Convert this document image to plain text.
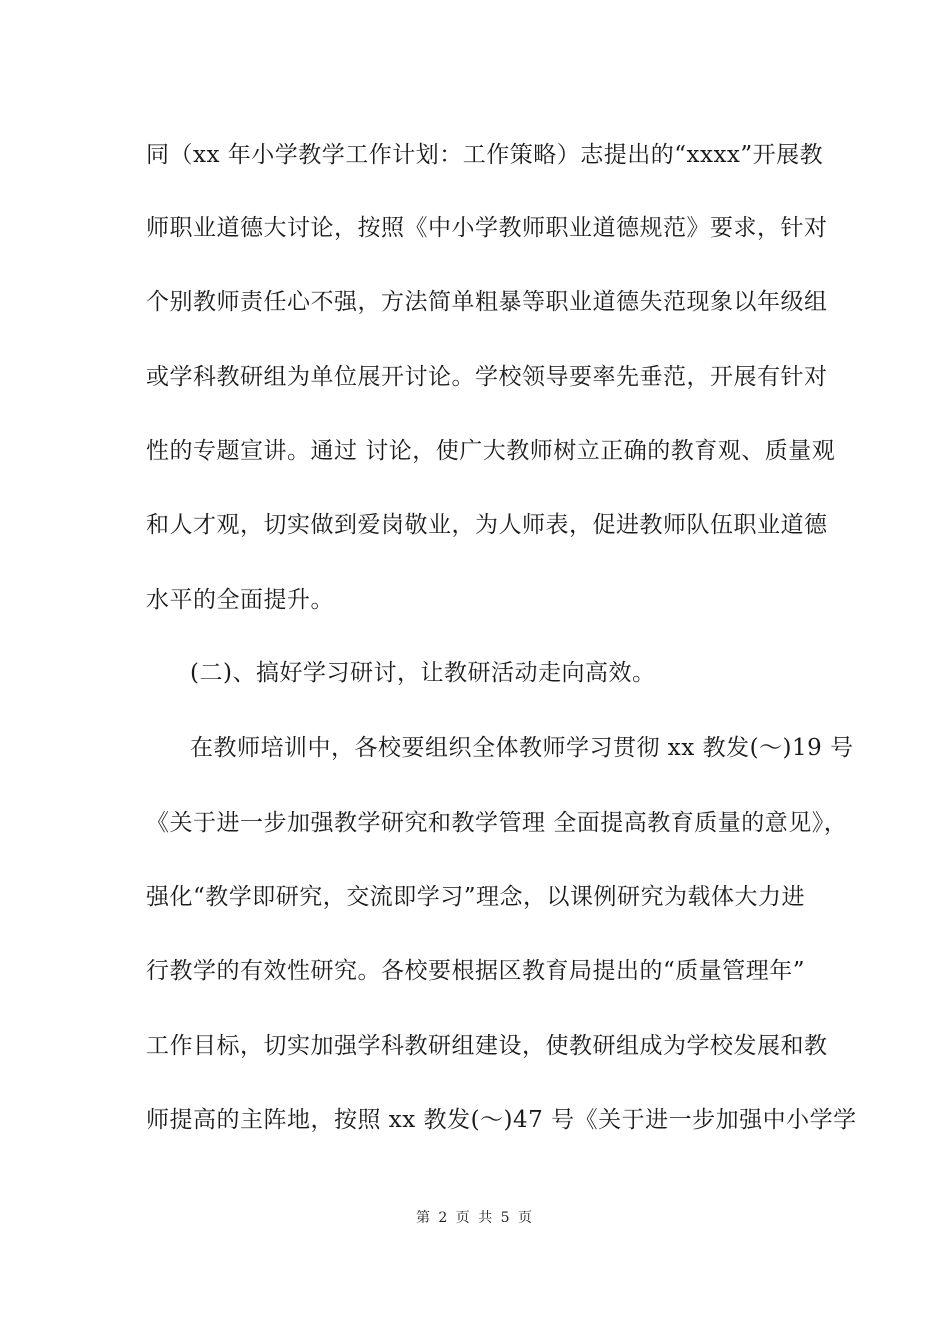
同（xx 年小学教学工作计划：工作策略）志提出的“xxxx”开展教
师职业道德大讨论，按照《中小学教师职业道德规范》要求，针对
个别教师责任心不强，方法简单粗暴等职业道德失范现象以年级组
或学科教研组为单位展开讨论。学校领导要率先垂范，开展有针对
性的专题宣讲。通过 讨论，使广大教师树立正确的教育观、质量观
和人才观，切实做到爱岗敬业，为人师表，促进教师队伍职业道德
水平的全面提升。
(二)、搞好学习研讨，让教研活动走向高效。
在教师培训中，各校要组织全体教师学习贯彻 xx 教发(～)19 号
《关于进一步加强教学研究和教学管理 全面提高教育质量的意见》，
强化“教学即研究，交流即学习”理念，以课例研究为载体大力进
行教学的有效性研究。各校要根据区教育局提出的“质量管理年”
工作目标，切实加强学科教研组建设，使教研组成为学校发展和教
师提高的主阵地，按照 xx 教发(～)47 号《关于进一步加强中小学学
第 2 页 共 5 页
